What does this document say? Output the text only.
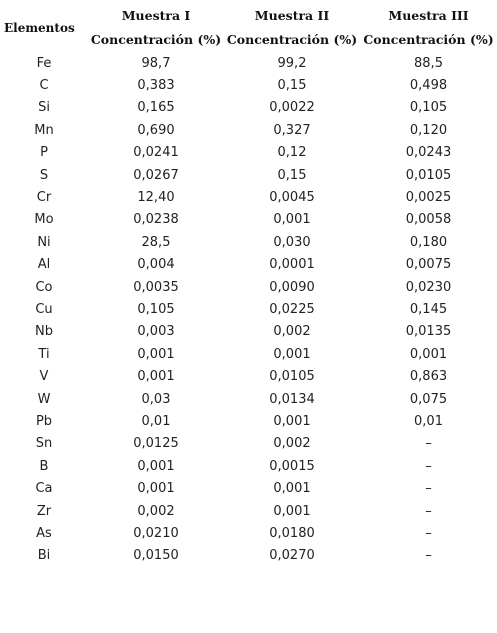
Elementos	Muestra I	Muestra II	Muestra III
	Concentración (%)	Concentración (%)	Concentración (%)
Fe	98,7	99,2	88,5
C	0,383	0,15	0,498
Si	0,165	0,0022	0,105
Mn	0,690	0,327	0,120
P	0,0241	0,12	0,0243
S	0,0267	0,15	0,0105
Cr	12,40	0,0045	0,0025
Mo	0,0238	0,001	0,0058
Ni	28,5	0,030	0,180
Al	0,004	0,0001	0,0075
Co	0,0035	0,0090	0,0230
Cu	0,105	0,0225	0,145
Nb	0,003	0,002	0,0135
Ti	0,001	0,001	0,001
V	0,001	0,0105	0,863
W	0,03	0,0134	0,075
Pb	0,01	0,001	0,01
Sn	0,0125	0,002	–
B	0,001	0,0015	–
Ca	0,001	0,001	–
Zr	0,002	0,001	–
As	0,0210	0,0180	–
Bi	0,0150	0,0270	–
